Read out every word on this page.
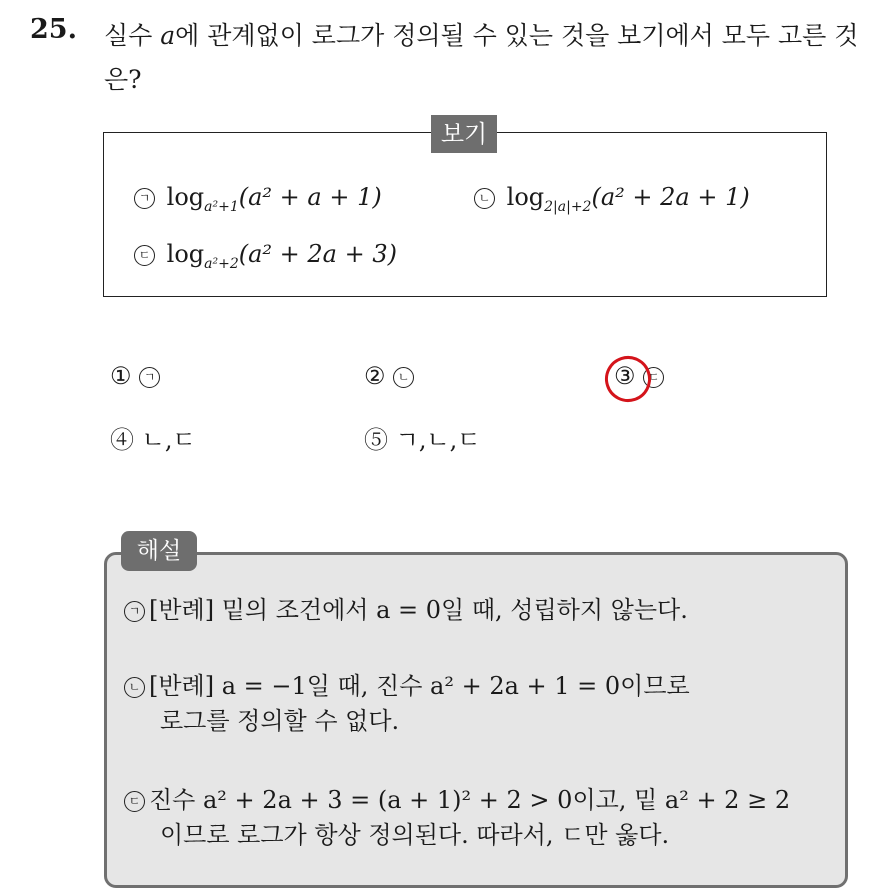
25. 실수 a에 관계없이 로그가 정의될 수 있는 것을 보기에서 모두 고른 것은?
보기
ㄱ $\log_{a^2+1}(a^2 + a + 1)$	ㄴ $\log_{2|a|+2}(a^2 + 2a + 1)$
ㄷ $\log_{a^2+2}(a^2 + 2a + 3)$
① ㄱ	② ㄴ	③ ㄷ
④ ㄴ,ㄷ	⑤ ㄱ,ㄴ,ㄷ
해설
ㄱ [반례] 밑의 조건에서 a = 0일 때, 성립하지 않는다.
ㄴ [반례] a = −1일 때, 진수 a² + 2a + 1 = 0이므로
로그를 정의할 수 없다.
ㄷ 진수 a² + 2a + 3 = (a + 1)² + 2 > 0이고, 밑 a² + 2 ≥ 2
이므로 로그가 항상 정의된다. 따라서, ㄷ만 옳다.
